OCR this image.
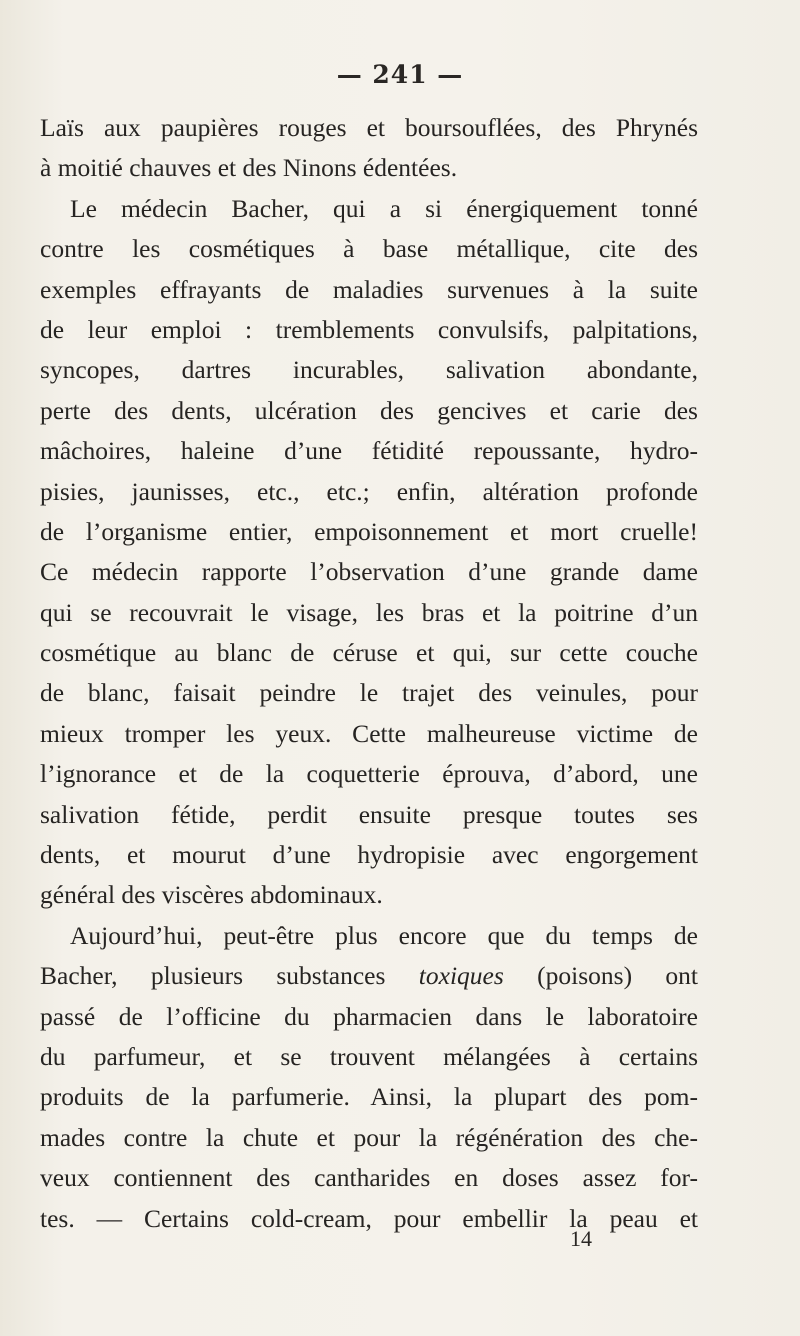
— 241 —
Laïs aux paupières rouges et boursouflées, des Phrynés
à moitié chauves et des Ninons édentées.
Le médecin Bacher, qui a si énergiquement tonné
contre les cosmétiques à base métallique, cite des
exemples effrayants de maladies survenues à la suite
de leur emploi : tremblements convulsifs, palpitations,
syncopes, dartres incurables, salivation abondante,
perte des dents, ulcération des gencives et carie des
mâchoires, haleine d’une fétidité repoussante, hydro-
pisies, jaunisses, etc., etc.; enfin, altération profonde
de l’organisme entier, empoisonnement et mort cruelle!
Ce médecin rapporte l’observation d’une grande dame
qui se recouvrait le visage, les bras et la poitrine d’un
cosmétique au blanc de céruse et qui, sur cette couche
de blanc, faisait peindre le trajet des veinules, pour
mieux tromper les yeux. Cette malheureuse victime de
l’ignorance et de la coquetterie éprouva, d’abord, une
salivation fétide, perdit ensuite presque toutes ses
dents, et mourut d’une hydropisie avec engorgement
général des viscères abdominaux.
Aujourd’hui, peut-être plus encore que du temps de
Bacher, plusieurs substances toxiques (poisons) ont
passé de l’officine du pharmacien dans le laboratoire
du parfumeur, et se trouvent mélangées à certains
produits de la parfumerie. Ainsi, la plupart des pom-
mades contre la chute et pour la régénération des che-
veux contiennent des cantharides en doses assez for-
tes. — Certains cold-cream, pour embellir la peau et
14
